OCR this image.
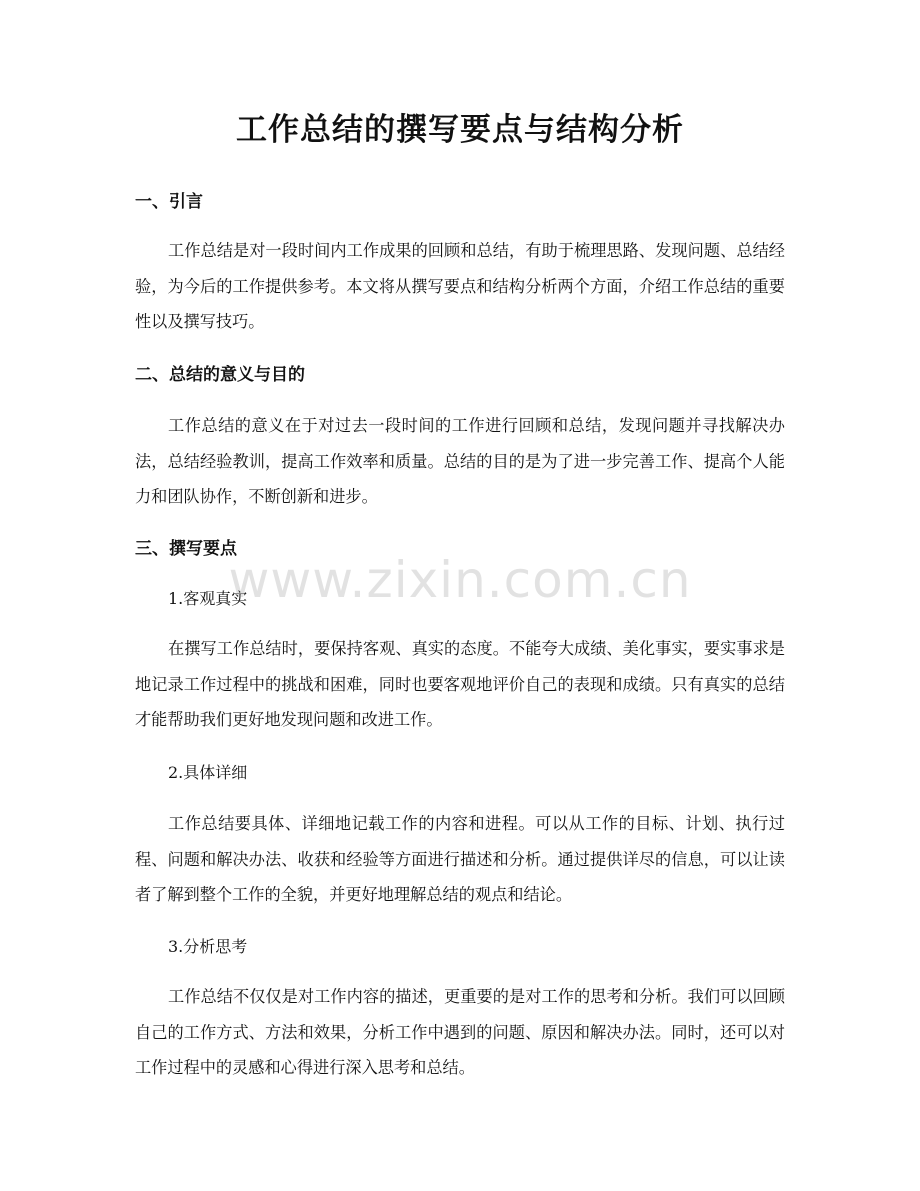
工作总结的撰写要点与结构分析
一、引言

工作总结是对一段时间内工作成果的回顾和总结，有助于梳理思路、发现问题、总结经验，为今后的工作提供参考。本文将从撰写要点和结构分析两个方面，介绍工作总结的重要性以及撰写技巧。

二、总结的意义与目的

工作总结的意义在于对过去一段时间的工作进行回顾和总结，发现问题并寻找解决办法，总结经验教训，提高工作效率和质量。总结的目的是为了进一步完善工作、提高个人能力和团队协作，不断创新和进步。

三、撰写要点
1.客观真实

在撰写工作总结时，要保持客观、真实的态度。不能夸大成绩、美化事实，要实事求是地记录工作过程中的挑战和困难，同时也要客观地评价自己的表现和成绩。只有真实的总结才能帮助我们更好地发现问题和改进工作。

2.具体详细

工作总结要具体、详细地记载工作的内容和进程。可以从工作的目标、计划、执行过程、问题和解决办法、收获和经验等方面进行描述和分析。通过提供详尽的信息，可以让读者了解到整个工作的全貌，并更好地理解总结的观点和结论。

3.分析思考

工作总结不仅仅是对工作内容的描述，更重要的是对工作的思考和分析。我们可以回顾自己的工作方式、方法和效果，分析工作中遇到的问题、原因和解决办法。同时，还可以对工作过程中的灵感和心得进行深入思考和总结。

www.zixin.com.cn
